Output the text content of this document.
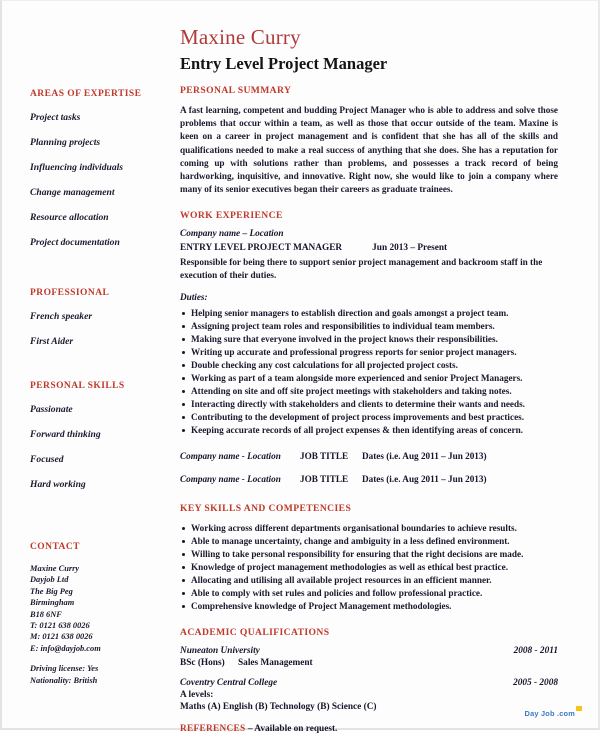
AREAS OF EXPERTISE
Project tasks
Planning projects
Influencing individuals
Change management
Resource allocation
Project documentation
PROFESSIONAL
French speaker
First Aider
PERSONAL SKILLS
Passionate
Forward thinking
Focused
Hard working
CONTACT
Maxine Curry
Dayjob Ltd
The Big Peg
Birmingham
B18 6NF
T: 0121 638 0026
M: 0121 638 0026
E: info@dayjob.com
Driving license: Yes
Nationality: British
Maxine Curry
Entry Level Project Manager
PERSONAL SUMMARY

A fast learning, competent and budding Project Manager who is able to address and solve those problems that occur within a team, as well as those that occur outside of the team. Maxine is keen on a career in project management and is confident that she has all of the skills and qualifications needed to make a real success of anything that she does. She has a reputation for coming up with solutions rather than problems, and possesses a track record of being hardworking, inquisitive, and innovative. Right now, she would like to join a company where many of its senior executives began their careers as graduate trainees.

WORK EXPERIENCE
Company name – Location
ENTRY LEVEL PROJECT MANAGER	Jun 2013 – Present

Responsible for being there to support senior project management and backroom staff in the execution of their duties.

Duties:
Helping senior managers to establish direction and goals amongst a project team.
Assigning project team roles and responsibilities to individual team members.
Making sure that everyone involved in the project knows their responsibilities.
Writing up accurate and professional progress reports for senior project managers.
Double checking any cost calculations for all projected project costs.
Working as part of a team alongside more experienced and senior Project Managers.
Attending on site and off site project meetings with stakeholders and taking notes.
Interacting directly with stakeholders and clients to determine their wants and needs.
Contributing to the development of project process improvements and best practices.
Keeping accurate records of all project expenses & then identifying areas of concern.
Company name - Location	JOB TITLE	Dates (i.e. Aug 2011 – Jun 2013)
Company name - Location	JOB TITLE	Dates (i.e. Aug 2011 – Jun 2013)
KEY SKILLS AND COMPETENCIES
Working across different departments organisational boundaries to achieve results.
Able to manage uncertainty, change and ambiguity in a less defined environment.
Willing to take personal responsibility for ensuring that the right decisions are made.
Knowledge of project management methodologies as well as ethical best practice.
Allocating and utilising all available project resources in an efficient manner.
Able to comply with set rules and policies and follow professional practice.
Comprehensive knowledge of Project Management methodologies.
ACADEMIC QUALIFICATIONS
Nuneaton University	2008 - 2011
BSc (Hons) Sales Management
Coventry Central College	2005 - 2008
A levels:
Maths (A) English (B) Technology (B) Science (C)

REFERENCES – Available on request.

Day Job .com
